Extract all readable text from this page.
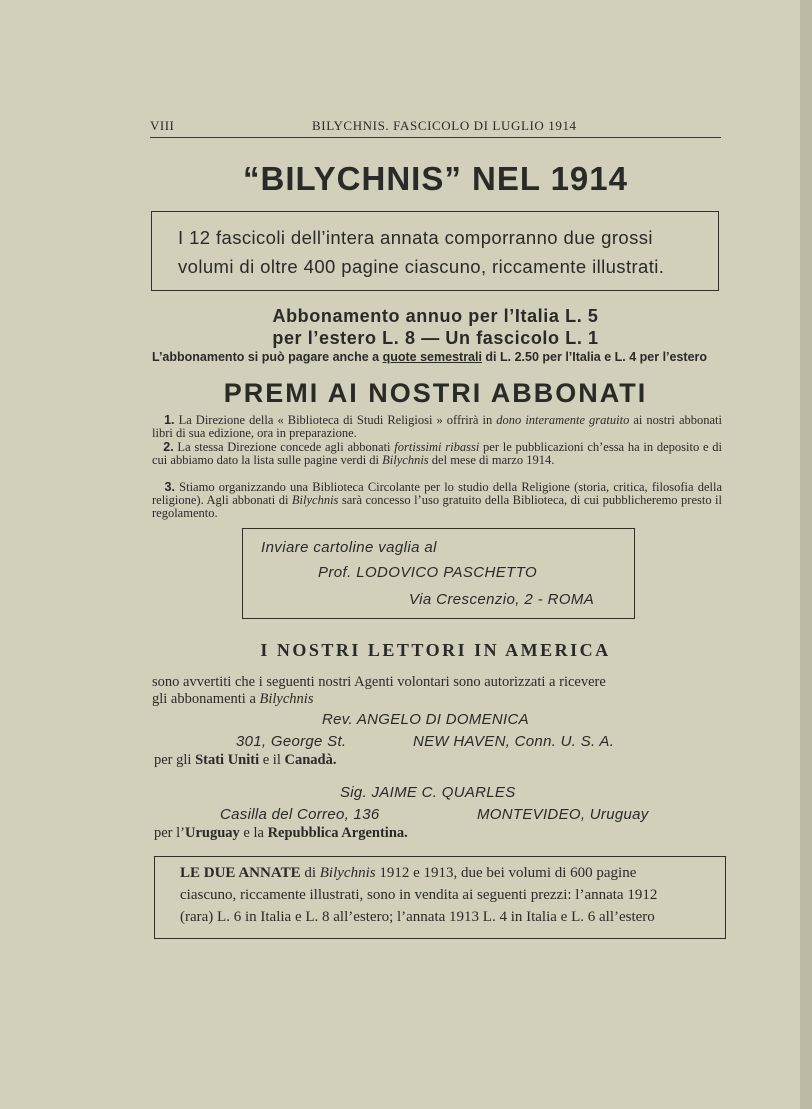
VIII	BILYCHNIS. FASCICOLO DI LUGLIO 1914
“BILYCHNIS” NEL 1914

I 12 fascicoli dell’intera annata comporranno due grossi

volumi di oltre 400 pagine ciascuno, riccamente illustrati.

Abbonamento annuo per l’Italia L. 5
per l’estero L. 8 — Un fascicolo L. 1
L’abbonamento si può pagare anche a quote semestrali di L. 2.50 per l’Italia e L. 4 per l’estero
PREMI AI NOSTRI ABBONATI
1. La Direzione della « Biblioteca di Studi Religiosi » offrirà in dono interamente gratuito ai nostri abbonati libri di sua edizione, ora in preparazione.
2. La stessa Direzione concede agli abbonati fortissimi ribassi per le pubblicazioni ch’essa ha in deposito e di cui abbiamo dato la lista sulle pagine verdi di Bilychnis del mese di marzo 1914.
3. Stiamo organizzando una Biblioteca Circolante per lo studio della Religione (storia, critica, filosofia della religione). Agli abbonati di Bilychnis sarà concesso l’uso gratuito della Biblioteca, di cui pubblicheremo presto il regolamento.
Inviare cartoline vaglia al
Prof. LODOVICO PASCHETTO
Via Crescenzio, 2 - ROMA
I NOSTRI LETTORI IN AMERICA
sono avvertiti che i seguenti nostri Agenti volontari sono autorizzati a ricevere
gli abbonamenti a Bilychnis
Rev. ANGELO DI DOMENICA
301, George St.	NEW HAVEN, Conn. U. S. A.
per gli Stati Uniti e il Canadà.
Sig. JAIME C. QUARLES
Casilla del Correo, 136	MONTEVIDEO, Uruguay
per l’Uruguay e la Repubblica Argentina.
LE DUE ANNATE di Bilychnis 1912 e 1913, due bei volumi di 600 pagine
ciascuno, riccamente illustrati, sono in vendita ai seguenti prezzi: l’annata 1912
(rara) L. 6 in Italia e L. 8 all’estero; l’annata 1913 L. 4 in Italia e L. 6 all’estero
